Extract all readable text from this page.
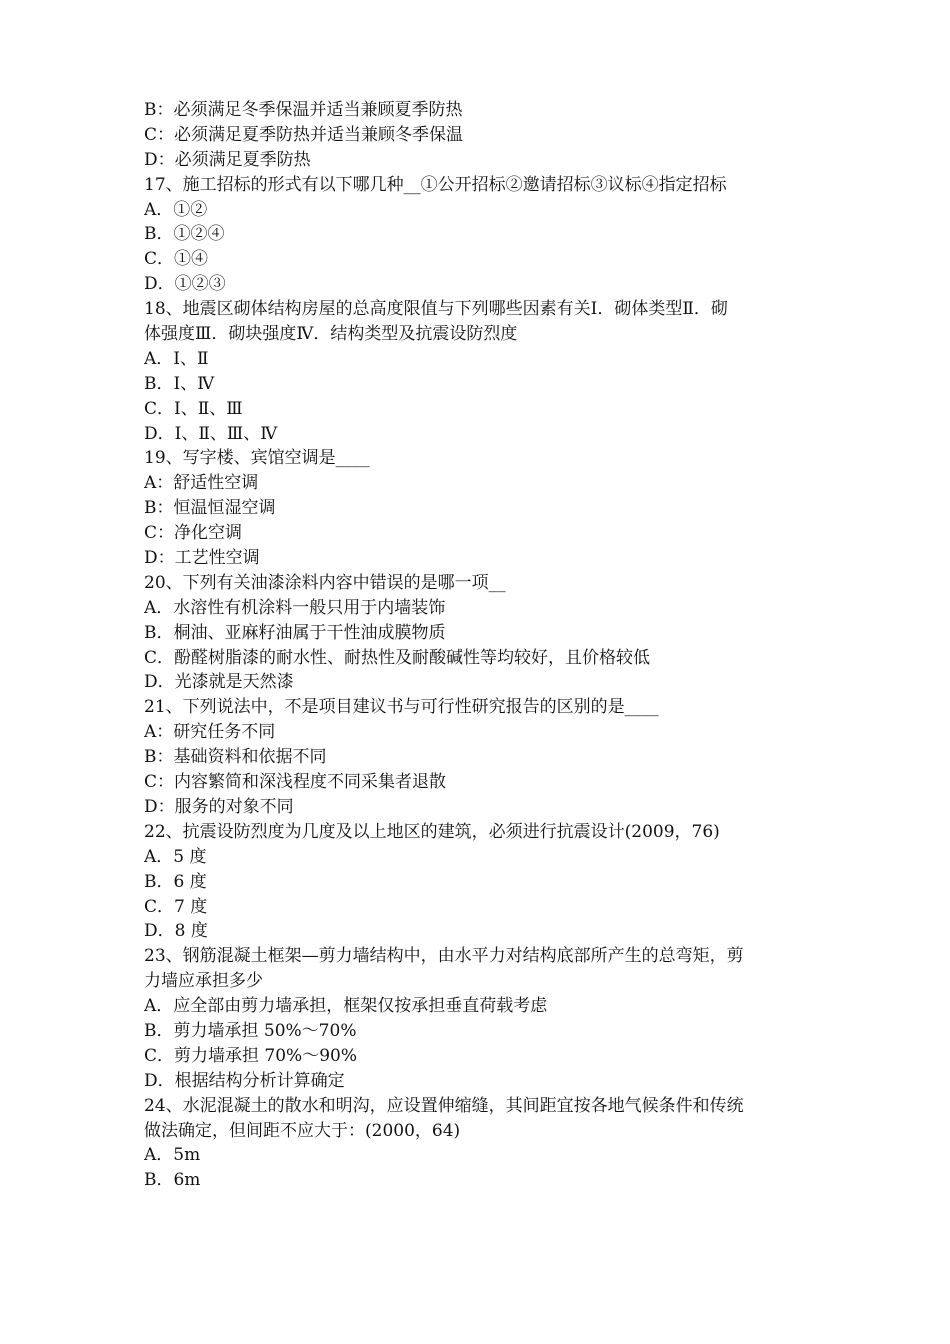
B：必须满足冬季保温并适当兼顾夏季防热

C：必须满足夏季防热并适当兼顾冬季保温

D：必须满足夏季防热

17、施工招标的形式有以下哪几种__①公开招标②邀请招标③议标④指定招标

A．①②

B．①②④

C．①④

D．①②③

18、地震区砌体结构房屋的总高度限值与下列哪些因素有关Ⅰ．砌体类型Ⅱ．砌

体强度Ⅲ．砌块强度Ⅳ．结构类型及抗震设防烈度

A．Ⅰ、Ⅱ

B．Ⅰ、Ⅳ

C．Ⅰ、Ⅱ、Ⅲ

D．Ⅰ、Ⅱ、Ⅲ、Ⅳ

19、写字楼、宾馆空调是____

A：舒适性空调

B：恒温恒湿空调

C：净化空调

D：工艺性空调

20、下列有关油漆涂料内容中错误的是哪一项__

A．水溶性有机涂料一般只用于内墙装饰

B．桐油、亚麻籽油属于干性油成膜物质

C．酚醛树脂漆的耐水性、耐热性及耐酸碱性等均较好，且价格较低

D．光漆就是天然漆

21、下列说法中，不是项目建议书与可行性研究报告的区别的是____

A：研究任务不同

B：基础资料和依据不同

C：内容繁简和深浅程度不同采集者退散

D：服务的对象不同

22、抗震设防烈度为几度及以上地区的建筑，必须进行抗震设计(2009，76)

A．5 度

B．6 度

C．7 度

D．8 度

23、钢筋混凝土框架—剪力墙结构中，由水平力对结构底部所产生的总弯矩，剪

力墙应承担多少

A．应全部由剪力墙承担，框架仅按承担垂直荷载考虑

B．剪力墙承担 50%～70%

C．剪力墙承担 70%～90%

D．根据结构分析计算确定

24、水泥混凝土的散水和明沟，应设置伸缩缝，其间距宜按各地气候条件和传统

做法确定，但间距不应大于：(2000，64)

A．5m

B．6m
